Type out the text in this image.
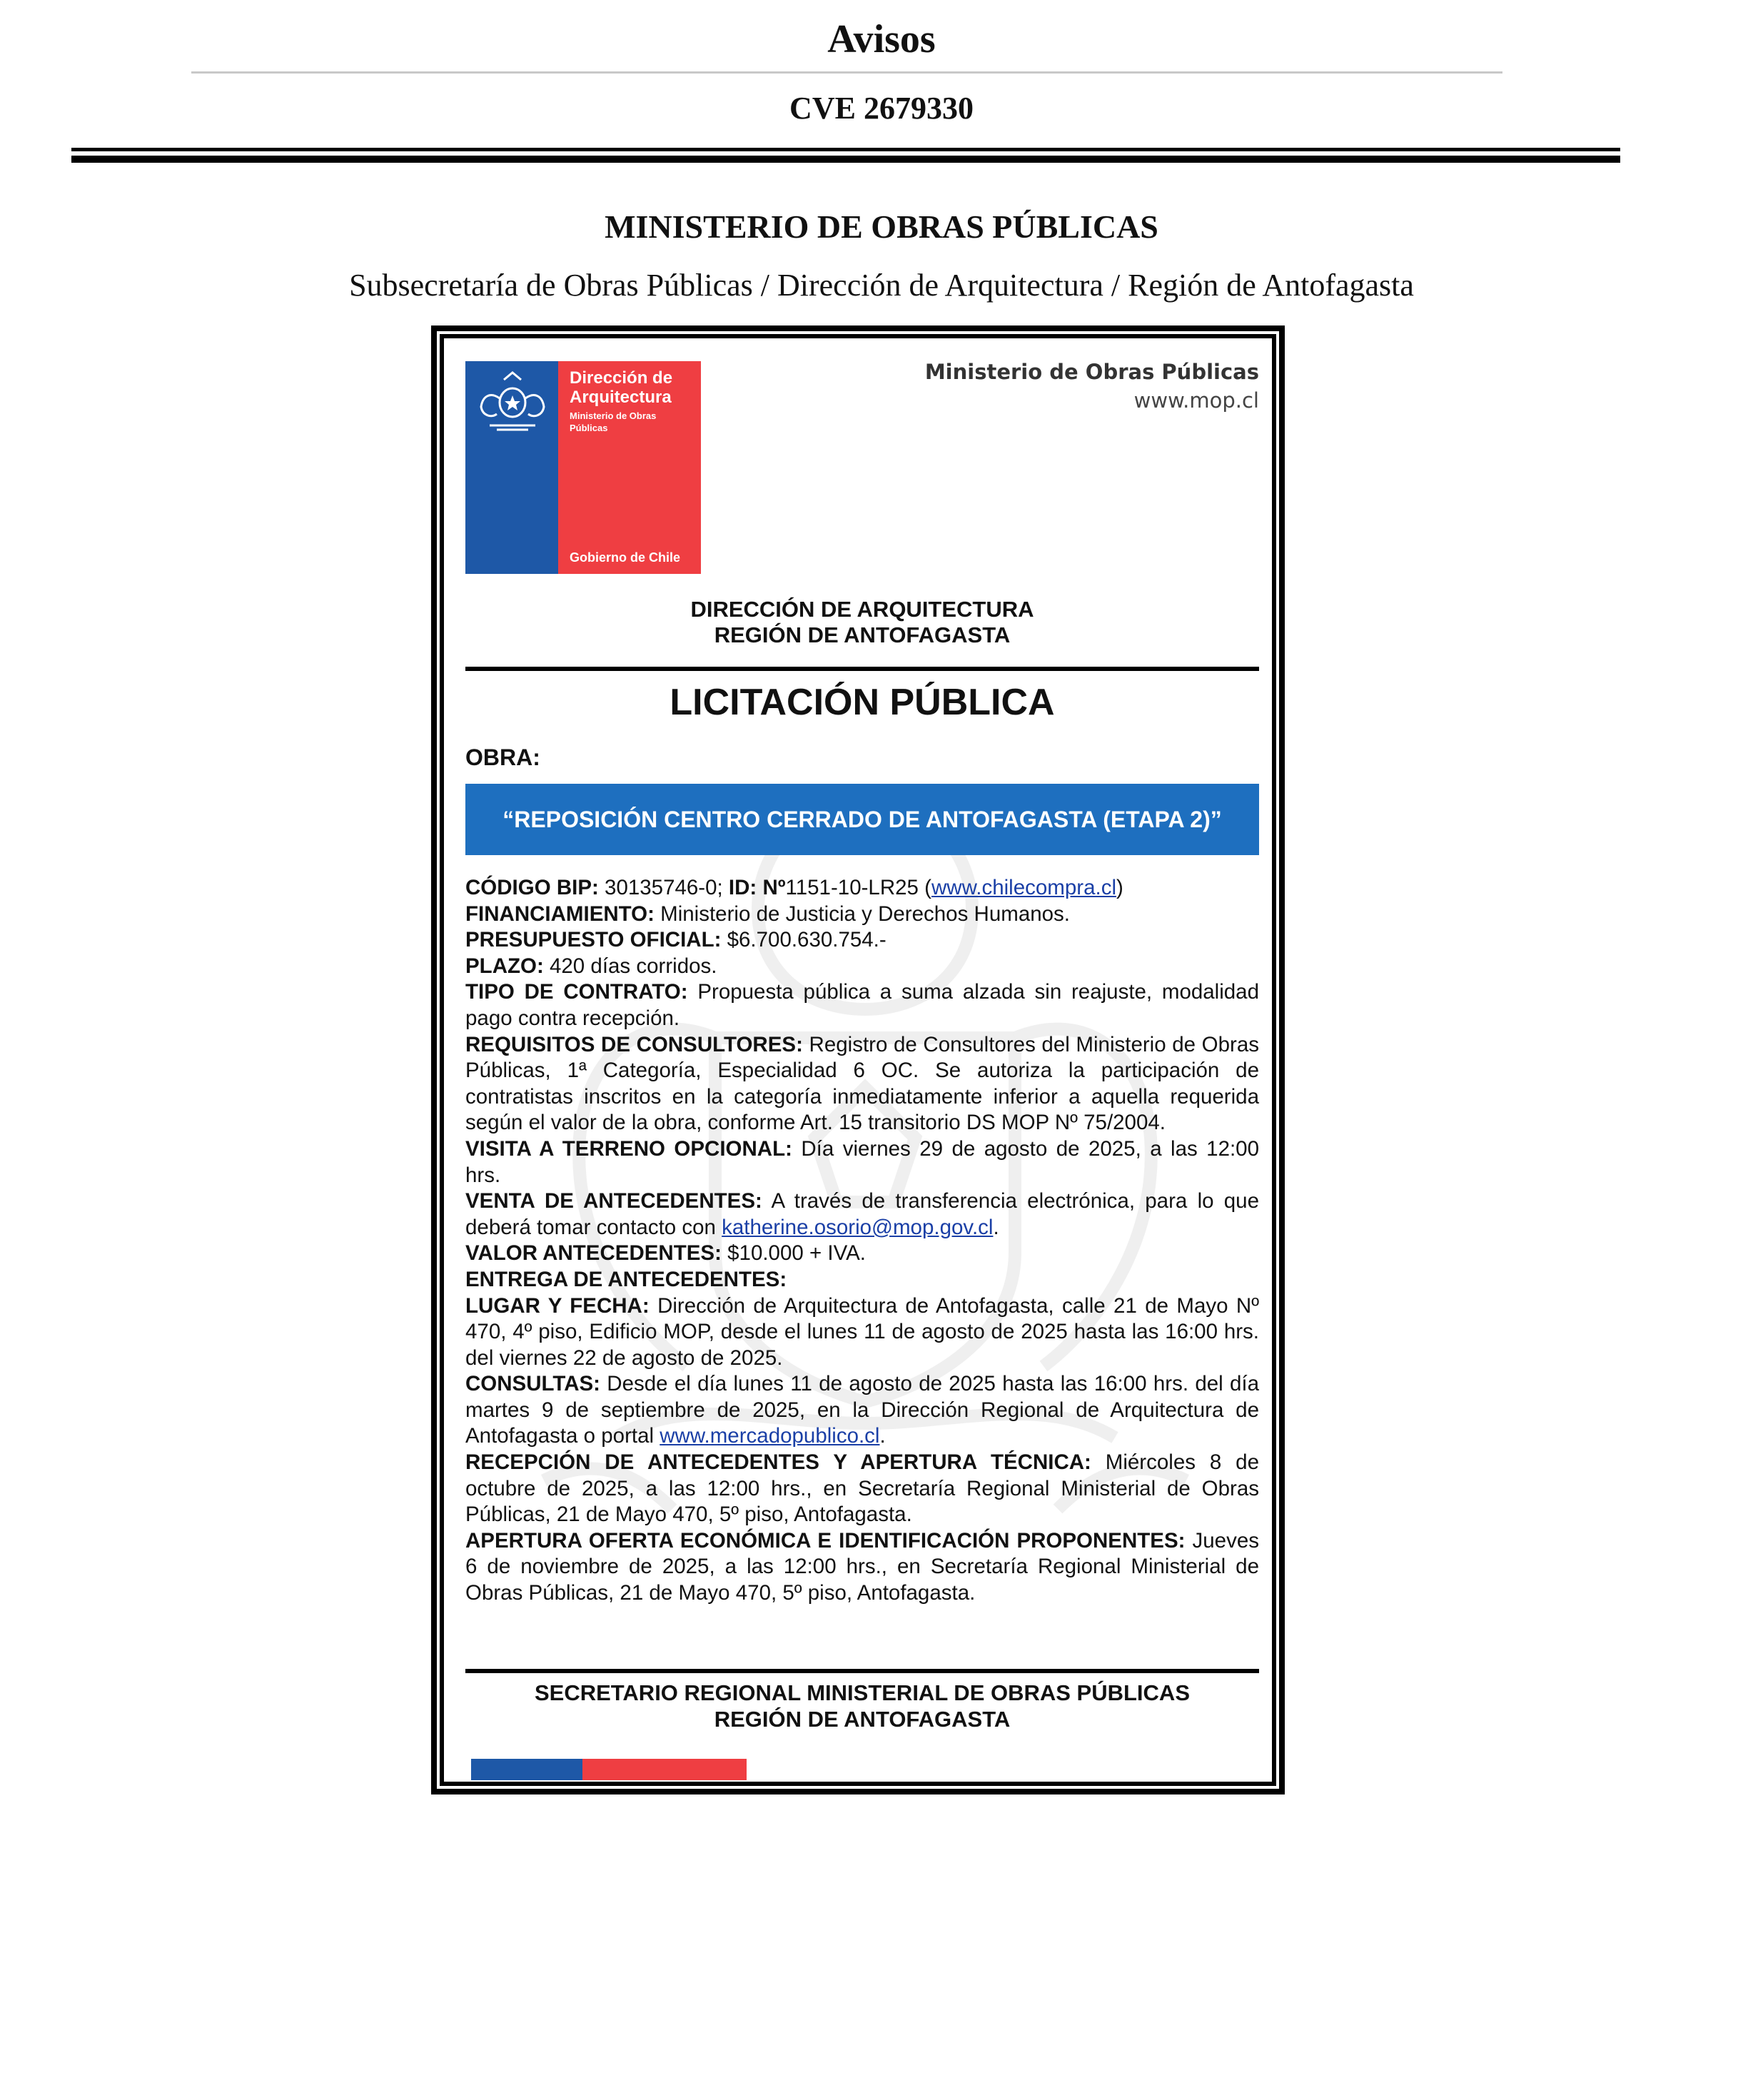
Avisos
CVE 2679330
MINISTERIO DE OBRAS PÚBLICAS
Subsecretaría de Obras Públicas / Dirección de Arquitectura / Región de Antofagasta
Dirección de
Arquitectura
Ministerio de Obras
Públicas
Gobierno de Chile
Ministerio de Obras Públicas
www.mop.cl
DIRECCIÓN DE ARQUITECTURA
REGIÓN DE ANTOFAGASTA
LICITACIÓN PÚBLICA
OBRA:
“REPOSICIÓN CENTRO CERRADO DE ANTOFAGASTA (ETAPA 2)”

CÓDIGO BIP: 30135746-0; ID: Nº1151-10-LR25 (www.chilecompra.cl)

FINANCIAMIENTO: Ministerio de Justicia y Derechos Humanos.

PRESUPUESTO OFICIAL: $6.700.630.754.-

PLAZO: 420 días corridos.

TIPO DE CONTRATO: Propuesta pública a suma alzada sin reajuste, modalidad pago contra recepción.

REQUISITOS DE CONSULTORES: Registro de Consultores del Ministerio de Obras Públicas, 1ª Categoría, Especialidad 6 OC. Se autoriza la participación de contratistas inscritos en la categoría inmediatamente inferior a aquella requerida según el valor de la obra, conforme Art. 15 transitorio DS MOP Nº 75/2004.

VISITA A TERRENO OPCIONAL: Día viernes 29 de agosto de 2025, a las 12:00 hrs.

VENTA DE ANTECEDENTES: A través de transferencia electrónica, para lo que deberá tomar contacto con katherine.osorio@mop.gov.cl.

VALOR ANTECEDENTES: $10.000 + IVA.

ENTREGA DE ANTECEDENTES:

LUGAR Y FECHA: Dirección de Arquitectura de Antofagasta, calle 21 de Mayo Nº 470, 4º piso, Edificio MOP, desde el lunes 11 de agosto de 2025 hasta las 16:00 hrs. del viernes 22 de agosto de 2025.

CONSULTAS: Desde el día lunes 11 de agosto de 2025 hasta las 16:00 hrs. del día martes 9 de septiembre de 2025, en la Dirección Regional de Arquitectura de Antofagasta o portal www.mercadopublico.cl.

RECEPCIÓN DE ANTECEDENTES Y APERTURA TÉCNICA: Miércoles 8 de octubre de 2025, a las 12:00 hrs., en Secretaría Regional Ministerial de Obras Públicas, 21 de Mayo 470, 5º piso, Antofagasta.

APERTURA OFERTA ECONÓMICA E IDENTIFICACIÓN PROPONENTES: Jueves 6 de noviembre de 2025, a las 12:00 hrs., en Secretaría Regional Ministerial de Obras Públicas, 21 de Mayo 470, 5º piso, Antofagasta.

SECRETARIO REGIONAL MINISTERIAL DE OBRAS PÚBLICAS
REGIÓN DE ANTOFAGASTA
